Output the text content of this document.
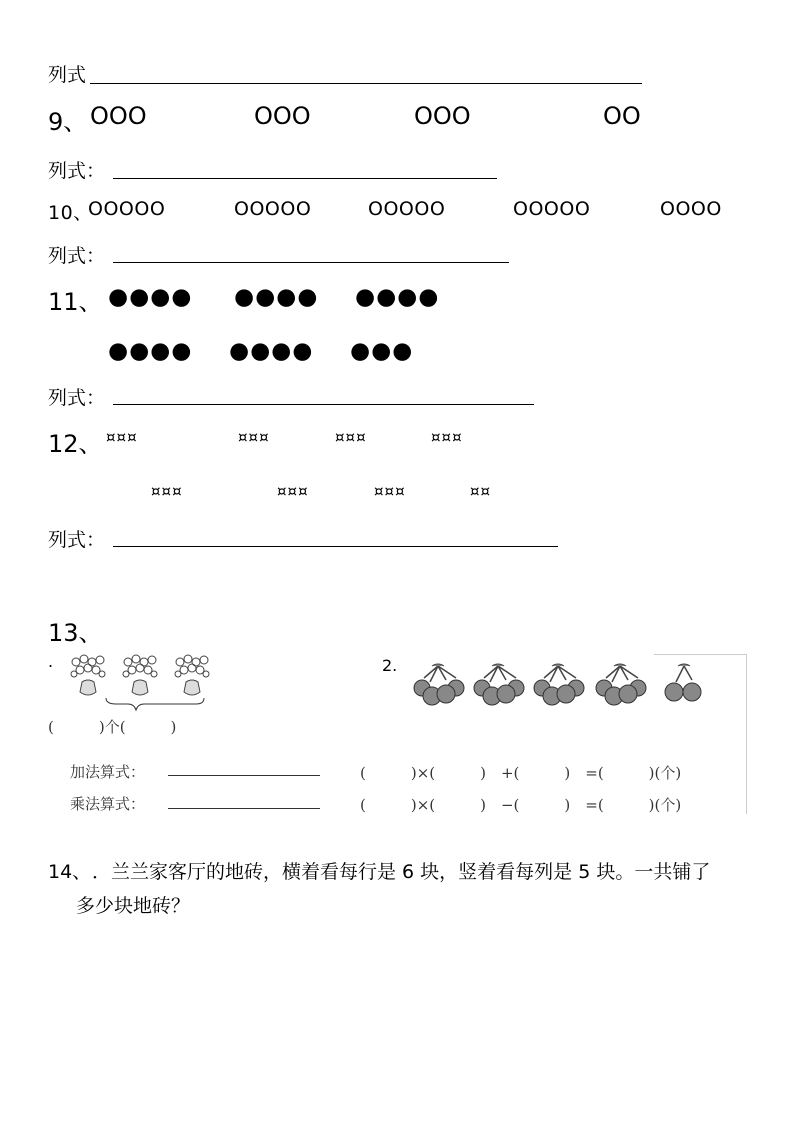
列式
9、 OOO	OOO	OOO	OO
列式：
10、
OOOOO	OOOOO	OOOOO	OOOOO	OOOO
列式：
11、 ●●●● ●●●● ●●●●
●●●● ●●●● ●●●
列式：
12、 ¤¤¤	¤¤¤	¤¤¤	¤¤¤
¤¤¤	¤¤¤	¤¤¤	¤¤
列式：
13、
.	2.
(　　　)个(　　　)
加法算式：	(　　　)×(　　　)　+(　　　)　=(　　　)(个)
乘法算式：	(　　　)×(　　　)　−(　　　)　=(　　　)(个)
14、 ．兰兰家客厅的地砖，横着看每行是 6 块，竖着看每列是 5 块。一共铺了
多少块地砖？
